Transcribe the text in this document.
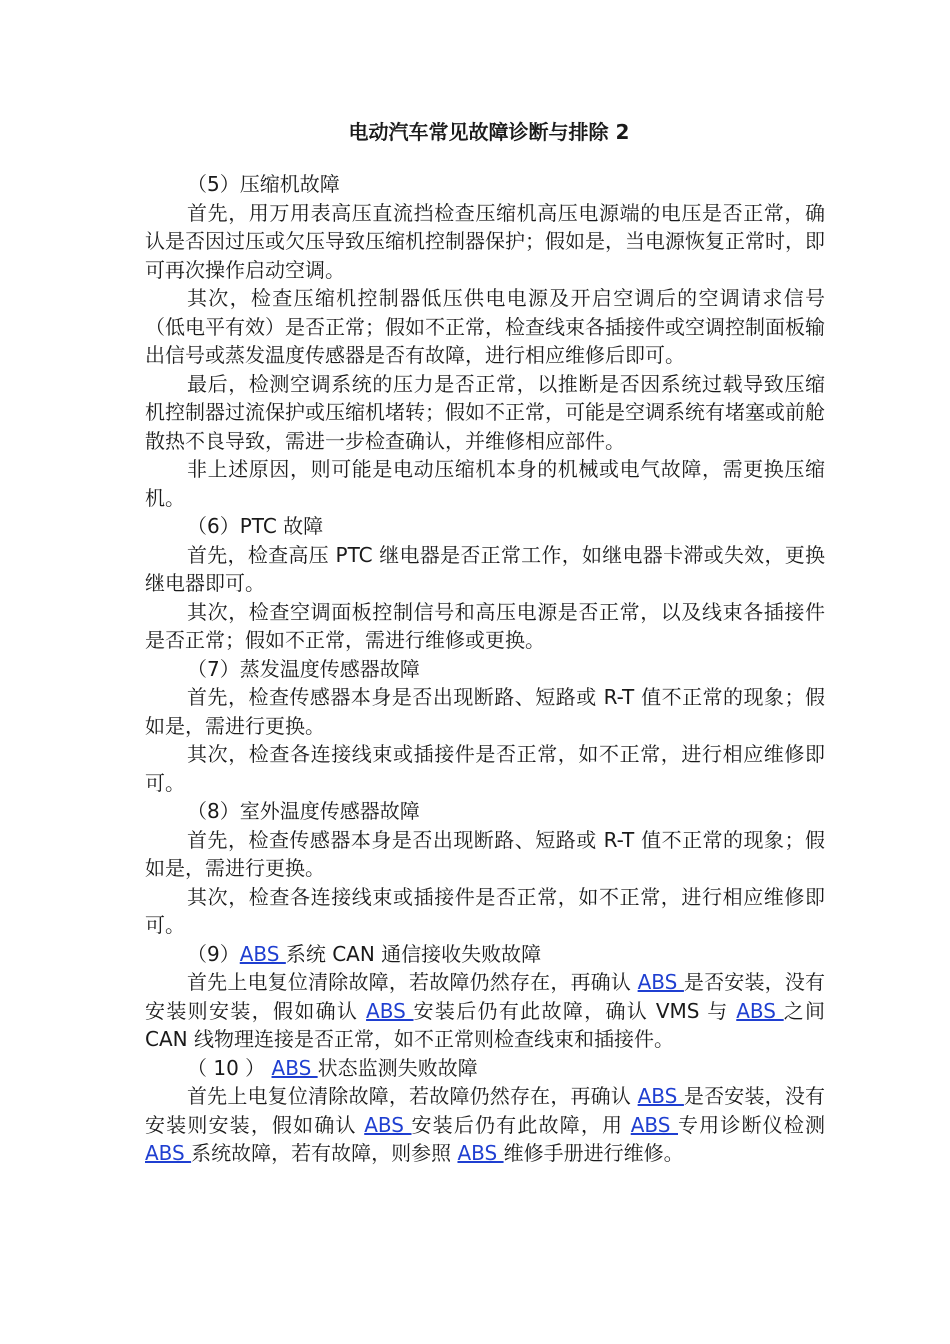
电动汽车常见故障诊断与排除 2

（5）压缩机故障

首先，用万用表高压直流挡检查压缩机高压电源端的电压是否正常，确认是否因过压或欠压导致压缩机控制器保护；假如是，当电源恢复正常时，即可再次操作启动空调。

其次，检查压缩机控制器低压供电电源及开启空调后的空调请求信号（低电平有效）是否正常；假如不正常，检查线束各插接件或空调控制面板输出信号或蒸发温度传感器是否有故障，进行相应维修后即可。

最后，检测空调系统的压力是否正常，以推断是否因系统过载导致压缩机控制器过流保护或压缩机堵转；假如不正常，可能是空调系统有堵塞或前舱散热不良导致，需进一步检查确认，并维修相应部件。

非上述原因，则可能是电动压缩机本身的机械或电气故障，需更换压缩机。

（6）PTC 故障

首先，检查高压 PTC 继电器是否正常工作，如继电器卡滞或失效，更换继电器即可。

其次，检查空调面板控制信号和高压电源是否正常，以及线束各插接件是否正常；假如不正常，需进行维修或更换。

（7）蒸发温度传感器故障

首先，检查传感器本身是否出现断路、短路或 R-T 值不正常的现象；假如是，需进行更换。

其次，检查各连接线束或插接件是否正常，如不正常，进行相应维修即可。

（8）室外温度传感器故障

首先，检查传感器本身是否出现断路、短路或 R-T 值不正常的现象；假如是，需进行更换。

其次，检查各连接线束或插接件是否正常，如不正常，进行相应维修即可。

（9）ABS 系统 CAN 通信接收失败故障

首先上电复位清除故障，若故障仍然存在，再确认 ABS 是否安装，没有安装则安装，假如确认 ABS 安装后仍有此故障，确认 VMS 与 ABS 之间 CAN 线物理连接是否正常，如不正常则检查线束和插接件。

（ 10 ） ABS 状态监测失败故障

首先上电复位清除故障，若故障仍然存在，再确认 ABS 是否安装，没有安装则安装，假如确认 ABS 安装后仍有此故障，用 ABS 专用诊断仪检测 ABS 系统故障，若有故障，则参照 ABS 维修手册进行维修。
